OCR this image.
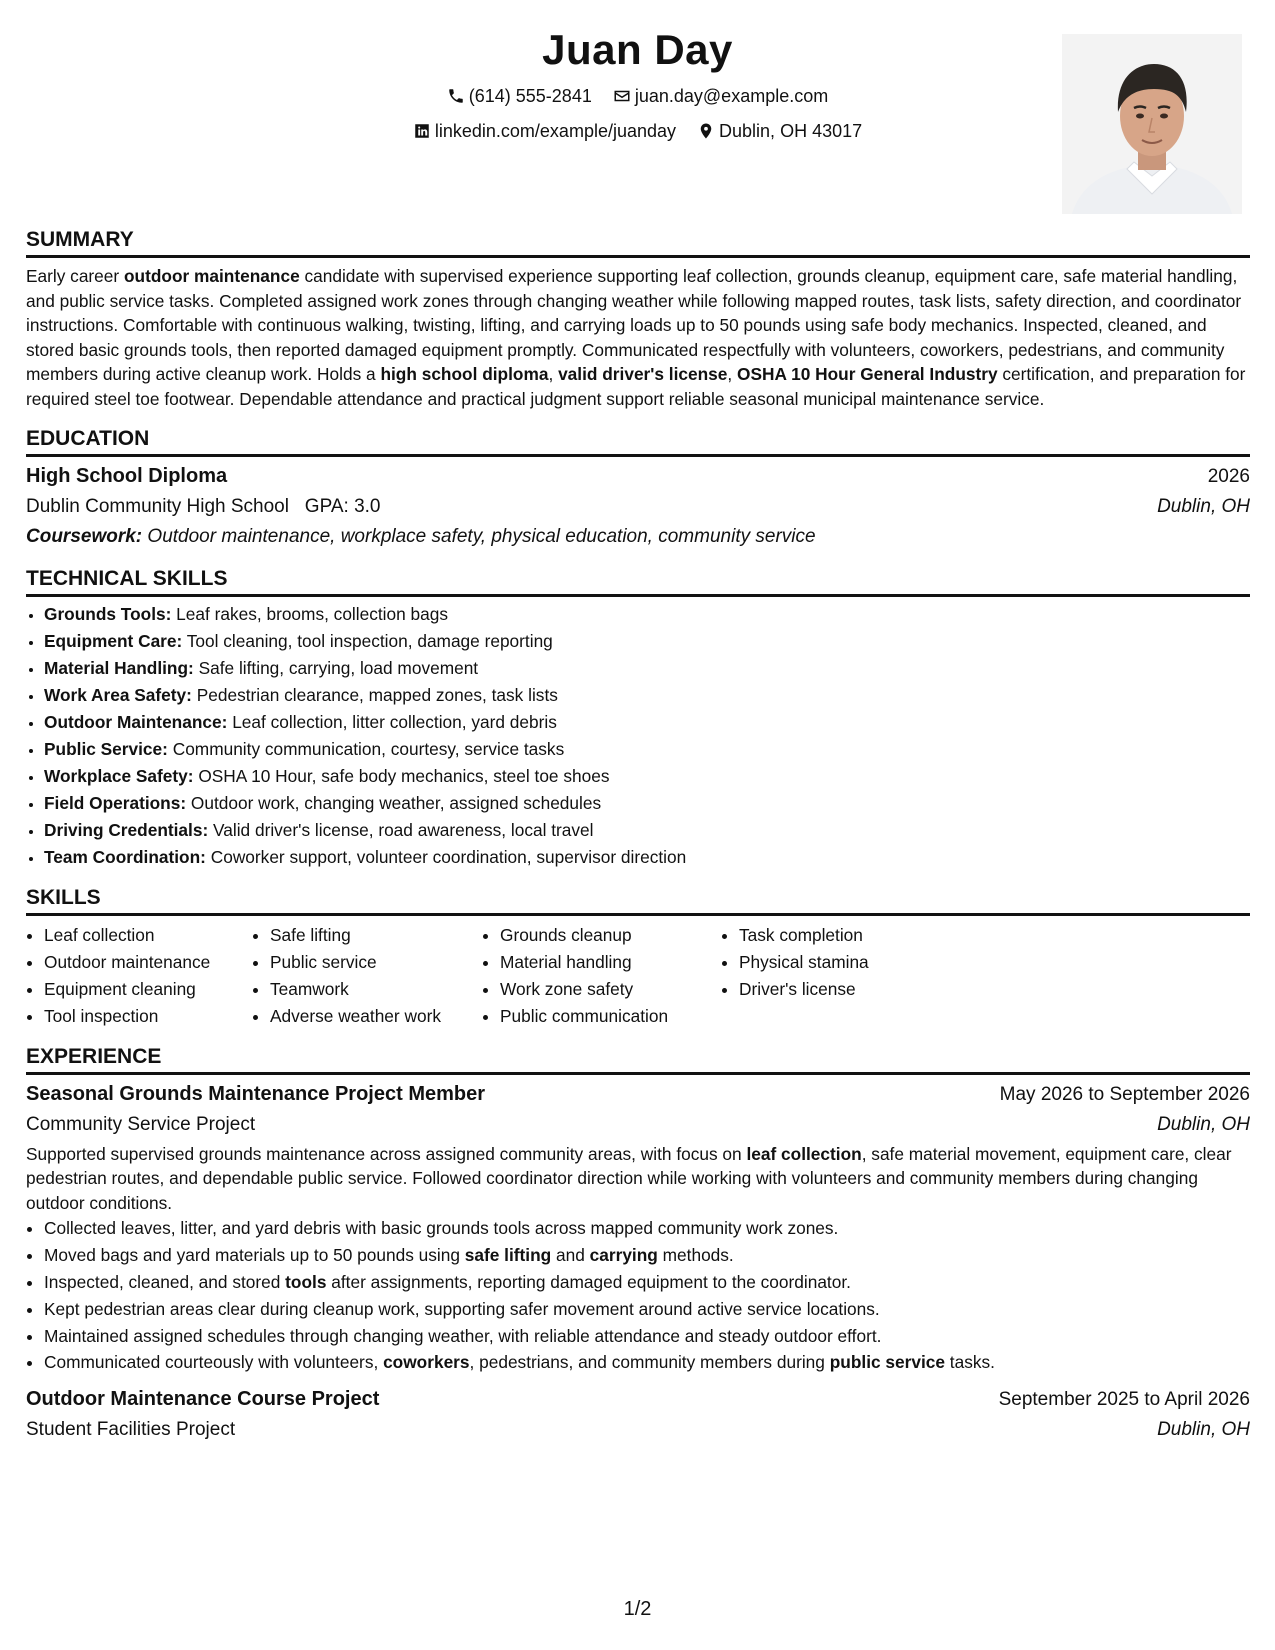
Juan Day
(614) 555-2841
juan.day@example.com
linkedin.com/example/juanday
Dublin, OH 43017
SUMMARY

Early career outdoor maintenance candidate with supervised experience supporting leaf collection, grounds cleanup, equipment care, safe material handling, and public service tasks. Completed assigned work zones through changing weather while following mapped routes, task lists, safety direction, and coordinator instructions. Comfortable with continuous walking, twisting, lifting, and carrying loads up to 50 pounds using safe body mechanics. Inspected, cleaned, and stored basic grounds tools, then reported damaged equipment promptly. Communicated respectfully with volunteers, coworkers, pedestrians, and community members during active cleanup work. Holds a high school diploma, valid driver's license, OSHA 10 Hour General Industry certification, and preparation for required steel toe footwear. Dependable attendance and practical judgment support reliable seasonal municipal maintenance service.

EDUCATION
High School Diploma	2026
Dublin Community High School GPA: 3.0	Dublin, OH
Coursework: Outdoor maintenance, workplace safety, physical education, community service
TECHNICAL SKILLS
• Grounds Tools: Leaf rakes, brooms, collection bags
• Equipment Care: Tool cleaning, tool inspection, damage reporting
• Material Handling: Safe lifting, carrying, load movement
• Work Area Safety: Pedestrian clearance, mapped zones, task lists
• Outdoor Maintenance: Leaf collection, litter collection, yard debris
• Public Service: Community communication, courtesy, service tasks
• Workplace Safety: OSHA 10 Hour, safe body mechanics, steel toe shoes
• Field Operations: Outdoor work, changing weather, assigned schedules
• Driving Credentials: Valid driver's license, road awareness, local travel
• Team Coordination: Coworker support, volunteer coordination, supervisor direction
SKILLS
• Leaf collection
• Outdoor maintenance
• Equipment cleaning
• Tool inspection
• Safe lifting
• Public service
• Teamwork
• Adverse weather work
• Grounds cleanup
• Material handling
• Work zone safety
• Public communication
• Task completion
• Physical stamina
• Driver's license
EXPERIENCE
Seasonal Grounds Maintenance Project Member	May 2026 to September 2026
Community Service Project	Dublin, OH

Supported supervised grounds maintenance across assigned community areas, with focus on leaf collection, safe material movement, equipment care, clear pedestrian routes, and dependable public service. Followed coordinator direction while working with volunteers and community members during changing outdoor conditions.

• Collected leaves, litter, and yard debris with basic grounds tools across mapped community work zones.
• Moved bags and yard materials up to 50 pounds using safe lifting and carrying methods.
• Inspected, cleaned, and stored tools after assignments, reporting damaged equipment to the coordinator.
• Kept pedestrian areas clear during cleanup work, supporting safer movement around active service locations.
• Maintained assigned schedules through changing weather, with reliable attendance and steady outdoor effort.
• Communicated courteously with volunteers, coworkers, pedestrians, and community members during public service tasks.
Outdoor Maintenance Course Project	September 2025 to April 2026
Student Facilities Project	Dublin, OH
1/2
